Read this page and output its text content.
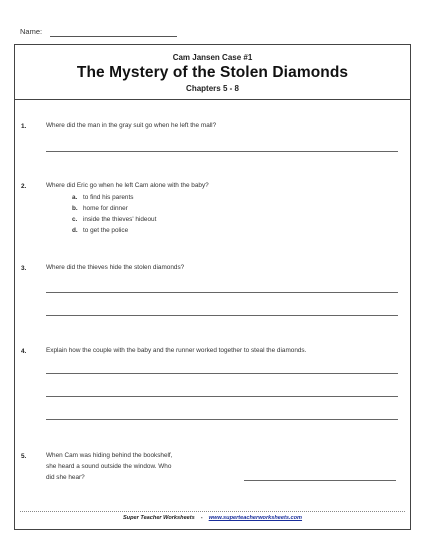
Name:
Cam Jansen Case #1
The Mystery of the Stolen Diamonds
Chapters 5 - 8
1.	Where did the man in the gray suit go when he left the mall?
2.	Where did Eric go when he left Cam alone with the baby?
a. to find his parents
b. home for dinner
c. inside the thieves' hideout
d. to get the police
3.	Where did the thieves hide the stolen diamonds?
4.	Explain how the couple with the baby and the runner worked together to steal the diamonds.
5.	When Cam was hiding behind the bookshelf,
she heard a sound outside the window. Who
did she hear?
Super Teacher Worksheets - www.superteacherworksheets.com
